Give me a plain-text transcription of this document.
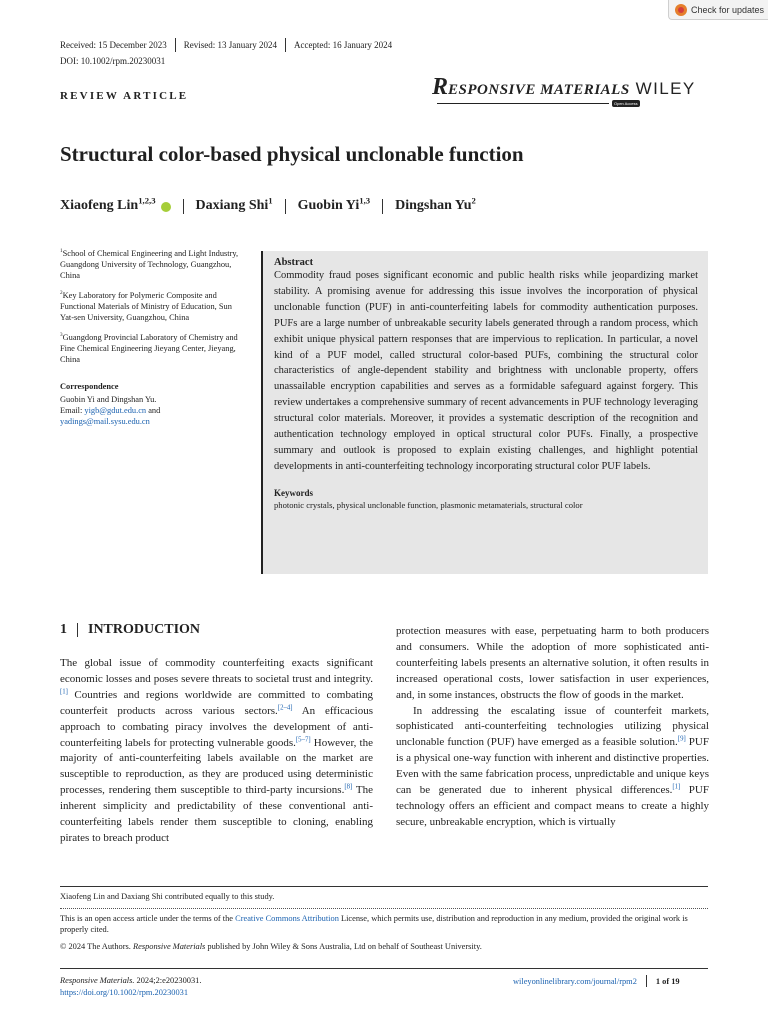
Check for updates
Received: 15 December 2023 Revised: 13 January 2024 Accepted: 16 January 2024
DOI: 10.1002/rpm.20230031
REVIEW ARTICLE	RESPONSIVE MATERIALS WILEY
Open Access
Structural color-based physical unclonable function
Xiaofeng Lin$^{1,2,3}$	Daxiang Shi$^1$ Guobin Yi$^{1,3}$ Dingshan Yu$^2$

$^1$School of Chemical Engineering and Light Industry, Guangdong University of Technology, Guangzhou, China

$^2$Key Laboratory for Polymeric Composite and Functional Materials of Ministry of Education, Sun Yat-sen University, Guangzhou, China

$^3$Guangdong Provincial Laboratory of Chemistry and Fine Chemical Engineering Jieyang Center, Jieyang, China

Correspondence

Guobin Yi and Dingshan Yu.
Email: yigb@gdut.edu.cn and yadings@mail.sysu.edu.cn

Abstract
Commodity fraud poses significant economic and public health risks while jeopardizing market stability. A promising avenue for addressing this issue involves the incorporation of physical unclonable function (PUF) in anti-counterfeiting labels for commodity authentication purposes. PUFs are a large number of unbreakable security labels generated through a random process, which exhibit unique physical pattern responses that are impervious to replication. In particular, a novel kind of a PUF model, called structural color-based PUFs, combining the structural color characteristics of angle-dependent stability and brightness with unclonable property, offers unassailable encryption capabilities and serves as a formidable safeguard against forgery. This review undertakes a comprehensive summary of recent advancements in PUF technology leveraging structural color materials. Moreover, it provides a systematic description of the recognition and authentication technology employed in optical structural color PUFs. Finally, a prospective summary and outlook is proposed to explain existing challenges, and highlight potential developments in anti-counterfeiting technology incorporating structural color PUF labels.
Keywords
photonic crystals, physical unclonable function, plasmonic metamaterials, structural color
1 INTRODUCTION

The global issue of commodity counterfeiting exacts significant economic losses and poses severe threats to societal trust and integrity.[1] Countries and regions worldwide are committed to combating counterfeit products across various sectors.[2–4] An efficacious approach to combating piracy involves the development of anti-counterfeiting labels for protecting vulnerable goods.[5–7] However, the majority of anti-counterfeiting labels available on the market are susceptible to reproduction, as they are produced using deterministic processes, rendering them susceptible to third-party incursions.[8] The inherent simplicity and predictability of these conventional anti-counterfeiting labels render them susceptible to cloning, enabling pirates to breach product

protection measures with ease, perpetuating harm to both producers and consumers. While the adoption of more sophisticated anti-counterfeiting labels presents an alternative solution, it often results in increased operational costs, lower satisfaction in user experiences, and, in some instances, obstructs the flow of goods in the market.

In addressing the escalating issue of counterfeit markets, sophisticated anti-counterfeiting technologies utilizing physical unclonable function (PUF) have emerged as a feasible solution.[9] PUF is a physical one-way function with inherent and distinctive properties. Even with the same fabrication process, unpredictable and unique keys can be generated due to inherent physical differences.[1] PUF technology offers an efficient and compact means to create a highly secure, unbreakable encryption, which is virtually

Xiaofeng Lin and Daxiang Shi contributed equally to this study.
This is an open access article under the terms of the Creative Commons Attribution License, which permits use, distribution and reproduction in any medium, provided the original work is properly cited.
© 2024 The Authors. Responsive Materials published by John Wiley & Sons Australia, Ltd on behalf of Southeast University.
Responsive Materials. 2024;2:e20230031.
https://doi.org/10.1002/rpm.20230031
wileyonlinelibrary.com/journal/rpm2 1 of 19
